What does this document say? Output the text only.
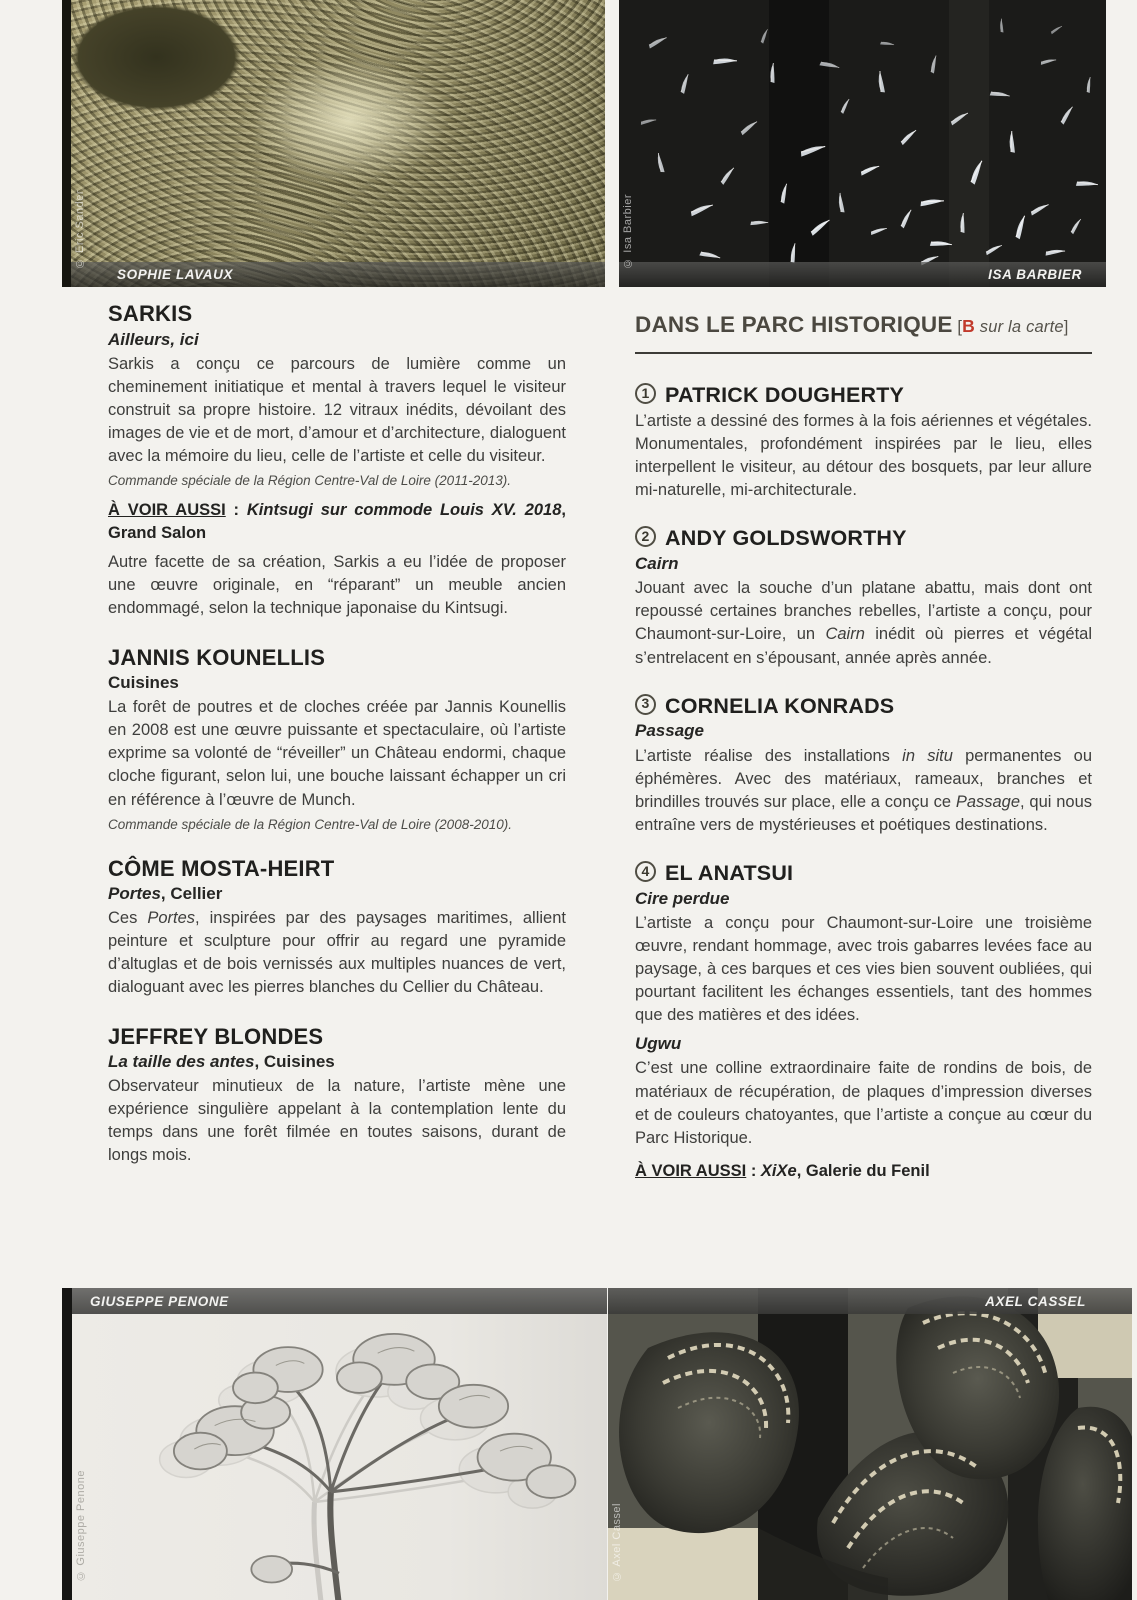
© Eric Sander
SOPHIE LAVAUX
© Isa Barbier
ISA BARBIER
SARKIS

Ailleurs, ici

Sarkis a conçu ce parcours de lumière comme un cheminement initiatique et mental à travers lequel le visiteur construit sa propre histoire. 12 vitraux inédits, dévoilant des images de vie et de mort, d’amour et d’architecture, dialoguent avec la mémoire du lieu, celle de l’artiste et celle du visiteur.

Commande spéciale de la Région Centre-Val de Loire (2011-2013).

À VOIR AUSSI : Kintsugi sur commode Louis XV. 2018, Grand Salon

Autre facette de sa création, Sarkis a eu l’idée de proposer une œuvre originale, en “réparant” un meuble ancien endommagé, selon la technique japonaise du Kintsugi.

JANNIS KOUNELLIS

Cuisines

La forêt de poutres et de cloches créée par Jannis Kounellis en 2008 est une œuvre puissante et spectaculaire, où l’artiste exprime sa volonté de “réveiller” un Château endormi, chaque cloche figurant, selon lui, une bouche laissant échapper un cri en référence à l’œuvre de Munch.

Commande spéciale de la Région Centre-Val de Loire (2008-2010).

CÔME MOSTA-HEIRT

Portes, Cellier

Ces Portes, inspirées par des paysages maritimes, allient peinture et sculpture pour offrir au regard une pyramide d’altuglas et de bois vernissés aux multiples nuances de vert, dialoguant avec les pierres blanches du Cellier du Château.

JEFFREY BLONDES

La taille des antes, Cuisines

Observateur minutieux de la nature, l’artiste mène une expérience singulière appelant à la contemplation lente du temps dans une forêt filmée en toutes saisons, durant de longs mois.

DANS LE PARC HISTORIQUE [B sur la carte]
1 PATRICK DOUGHERTY

L’artiste a dessiné des formes à la fois aériennes et végétales. Monumentales, profondément inspirées par le lieu, elles interpellent le visiteur, au détour des bosquets, par leur allure mi-naturelle, mi-architecturale.

2 ANDY GOLDSWORTHY

Cairn

Jouant avec la souche d’un platane abattu, mais dont ont repoussé certaines branches rebelles, l’artiste a conçu, pour Chaumont-sur-Loire, un Cairn inédit où pierres et végétal s’entrelacent en s’épousant, année après année.

3 CORNELIA KONRADS

Passage

L’artiste réalise des installations in situ permanentes ou éphémères. Avec des matériaux, rameaux, branches et brindilles trouvés sur place, elle a conçu ce Passage, qui nous entraîne vers de mystérieuses et poétiques destinations.

4 EL ANATSUI

Cire perdue

L’artiste a conçu pour Chaumont-sur-Loire une troisième œuvre, rendant hommage, avec trois gabarres levées face au paysage, à ces barques et ces vies bien souvent oubliées, qui pourtant facilitent les échanges essentiels, tant des hommes que des matières et des idées.

Ugwu

C’est une colline extraordinaire faite de rondins de bois, de matériaux de récupération, de plaques d’impression diverses et de couleurs chatoyantes, que l’artiste a conçue au cœur du Parc Historique.

À VOIR AUSSI : XiXe, Galerie du Fenil

© Giuseppe Penone
GIUSEPPE PENONE
© Axel Cassel
AXEL CASSEL
